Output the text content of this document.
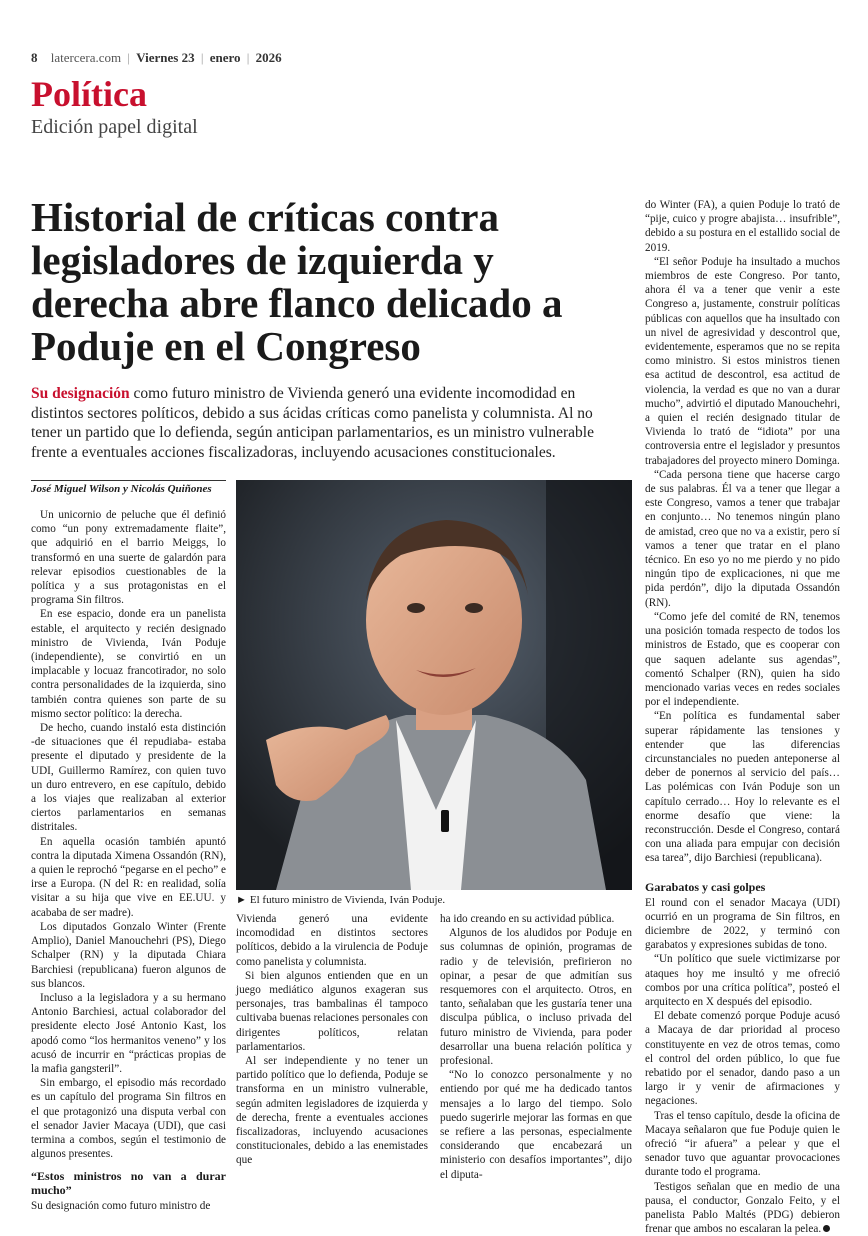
8 latercera.com | Viernes 23 | enero | 2026
Política
Edición papel digital
Historial de críticas contra legisladores de izquierda y derecha abre flanco delicado a Poduje en el Congreso
Su designación como futuro ministro de Vivienda generó una evidente incomodidad en distintos sectores políticos, debido a sus ácidas críticas como panelista y columnista. Al no tener un partido que lo defienda, según anticipan parlamentarios, es un ministro vulnerable frente a eventuales acciones fiscalizadoras, incluyendo acusaciones constitucionales.
José Miguel Wilson y Nicolás Quiñones

Un unicornio de peluche que él definió como “un pony extremadamente flaite”, que adquirió en el barrio Meiggs, lo transformó en una suerte de galardón para relevar episodios cuestionables de la política y a sus protagonistas en el programa Sin filtros.

En ese espacio, donde era un panelista estable, el arquitecto y recién designado ministro de Vivienda, Iván Poduje (independiente), se convirtió en un implacable y locuaz francotirador, no solo contra personalidades de la izquierda, sino también contra quienes son parte de su mismo sector político: la derecha.

De hecho, cuando instaló esta distinción -de situaciones que él repudiaba- estaba presente el diputado y presidente de la UDI, Guillermo Ramírez, con quien tuvo un duro entrevero, en ese capítulo, debido a los viajes que realizaban al exterior ciertos parlamentarios en semanas distritales.

En aquella ocasión también apuntó contra la diputada Ximena Ossandón (RN), a quien le reprochó “pegarse en el pecho” e irse a Europa. (N del R: en realidad, solía visitar a su hija que vive en EE.UU. y acababa de ser madre).

Los diputados Gonzalo Winter (Frente Amplio), Daniel Manouchehri (PS), Diego Schalper (RN) y la diputada Chiara Barchiesi (republicana) fueron algunos de sus blancos.

Incluso a la legisladora y a su hermano Antonio Barchiesi, actual colaborador del presidente electo José Antonio Kast, los apodó como “los hermanitos veneno” y los acusó de incurrir en “prácticas propias de la mafia gangsteril”.

Sin embargo, el episodio más recordado es un capítulo del programa Sin filtros en el que protagonizó una disputa verbal con el senador Javier Macaya (UDI), que casi termina a combos, según el testimonio de algunos presentes.

“Estos ministros no van a durar mucho”

Su designación como futuro ministro de

► El futuro ministro de Vivienda, Iván Poduje.

Vivienda generó una evidente incomodidad en distintos sectores políticos, debido a la virulencia de Poduje como panelista y columnista.

Si bien algunos entienden que en un juego mediático algunos exageran sus personajes, tras bambalinas él tampoco cultivaba buenas relaciones personales con dirigentes políticos, relatan parlamentarios.

Al ser independiente y no tener un partido político que lo defienda, Poduje se transforma en un ministro vulnerable, según admiten legisladores de izquierda y de derecha, frente a eventuales acciones fiscalizadoras, incluyendo acusaciones constitucionales, debido a las enemistades que

ha ido creando en su actividad pública.

Algunos de los aludidos por Poduje en sus columnas de opinión, programas de radio y de televisión, prefirieron no opinar, a pesar de que admitían sus resquemores con el arquitecto. Otros, en tanto, señalaban que les gustaría tener una disculpa pública, o incluso privada del futuro ministro de Vivienda, para poder desarrollar una buena relación política y profesional.

“No lo conozco personalmente y no entiendo por qué me ha dedicado tantos mensajes a lo largo del tiempo. Solo puedo sugerirle mejorar las formas en que se refiere a las personas, especialmente considerando que encabezará un ministerio con desafíos importantes”, dijo el diputa-

do Winter (FA), a quien Poduje lo trató de “pije, cuico y progre abajista… insufrible”, debido a su postura en el estallido social de 2019.

“El señor Poduje ha insultado a muchos miembros de este Congreso. Por tanto, ahora él va a tener que venir a este Congreso a, justamente, construir políticas públicas con aquellos que ha insultado con un nivel de agresividad y descontrol que, evidentemente, esperamos que no se repita como ministro. Si estos ministros tienen esa actitud de descontrol, esa actitud de violencia, la verdad es que no van a durar mucho”, advirtió el diputado Manouchehri, a quien el recién designado titular de Vivienda lo trató de “idiota” por una controversia entre el legislador y presuntos trabajadores del proyecto minero Dominga.

“Cada persona tiene que hacerse cargo de sus palabras. Él va a tener que llegar a este Congreso, vamos a tener que trabajar en conjunto… No tenemos ningún plano de amistad, creo que no va a existir, pero sí vamos a tener que tratar en el plano técnico. En eso yo no me pierdo y no pido ningún tipo de explicaciones, ni que me pida perdón”, dijo la diputada Ossandón (RN).

“Como jefe del comité de RN, tenemos una posición tomada respecto de todos los ministros de Estado, que es cooperar con que saquen adelante sus agendas”, comentó Schalper (RN), quien ha sido mencionado varias veces en redes sociales por el independiente.

“En política es fundamental saber superar rápidamente las tensiones y entender que las diferencias circunstanciales no pueden anteponerse al deber de ponernos al servicio del país… Las polémicas con Iván Poduje son un capítulo cerrado… Hoy lo relevante es el enorme desafío que viene: la reconstrucción. Desde el Congreso, contará con una aliada para empujar con decisión esa tarea”, dijo Barchiesi (republicana).

Garabatos y casi golpes

El round con el senador Macaya (UDI) ocurrió en un programa de Sin filtros, en diciembre de 2022, y terminó con garabatos y expresiones subidas de tono.

“Un político que suele victimizarse por ataques hoy me insultó y me ofreció combos por una crítica política”, posteó el arquitecto en X después del episodio.

El debate comenzó porque Poduje acusó a Macaya de dar prioridad al proceso constituyente en vez de otros temas, como el control del orden público, lo que fue rebatido por el senador, dando paso a un largo ir y venir de afirmaciones y negaciones.

Tras el tenso capítulo, desde la oficina de Macaya señalaron que fue Poduje quien le ofreció “ir afuera” a pelear y que el senador tuvo que aguantar provocaciones durante todo el programa.

Testigos señalan que en medio de una pausa, el conductor, Gonzalo Feito, y el panelista Pablo Maltés (PDG) debieron frenar que ambos no escalaran la pelea.
